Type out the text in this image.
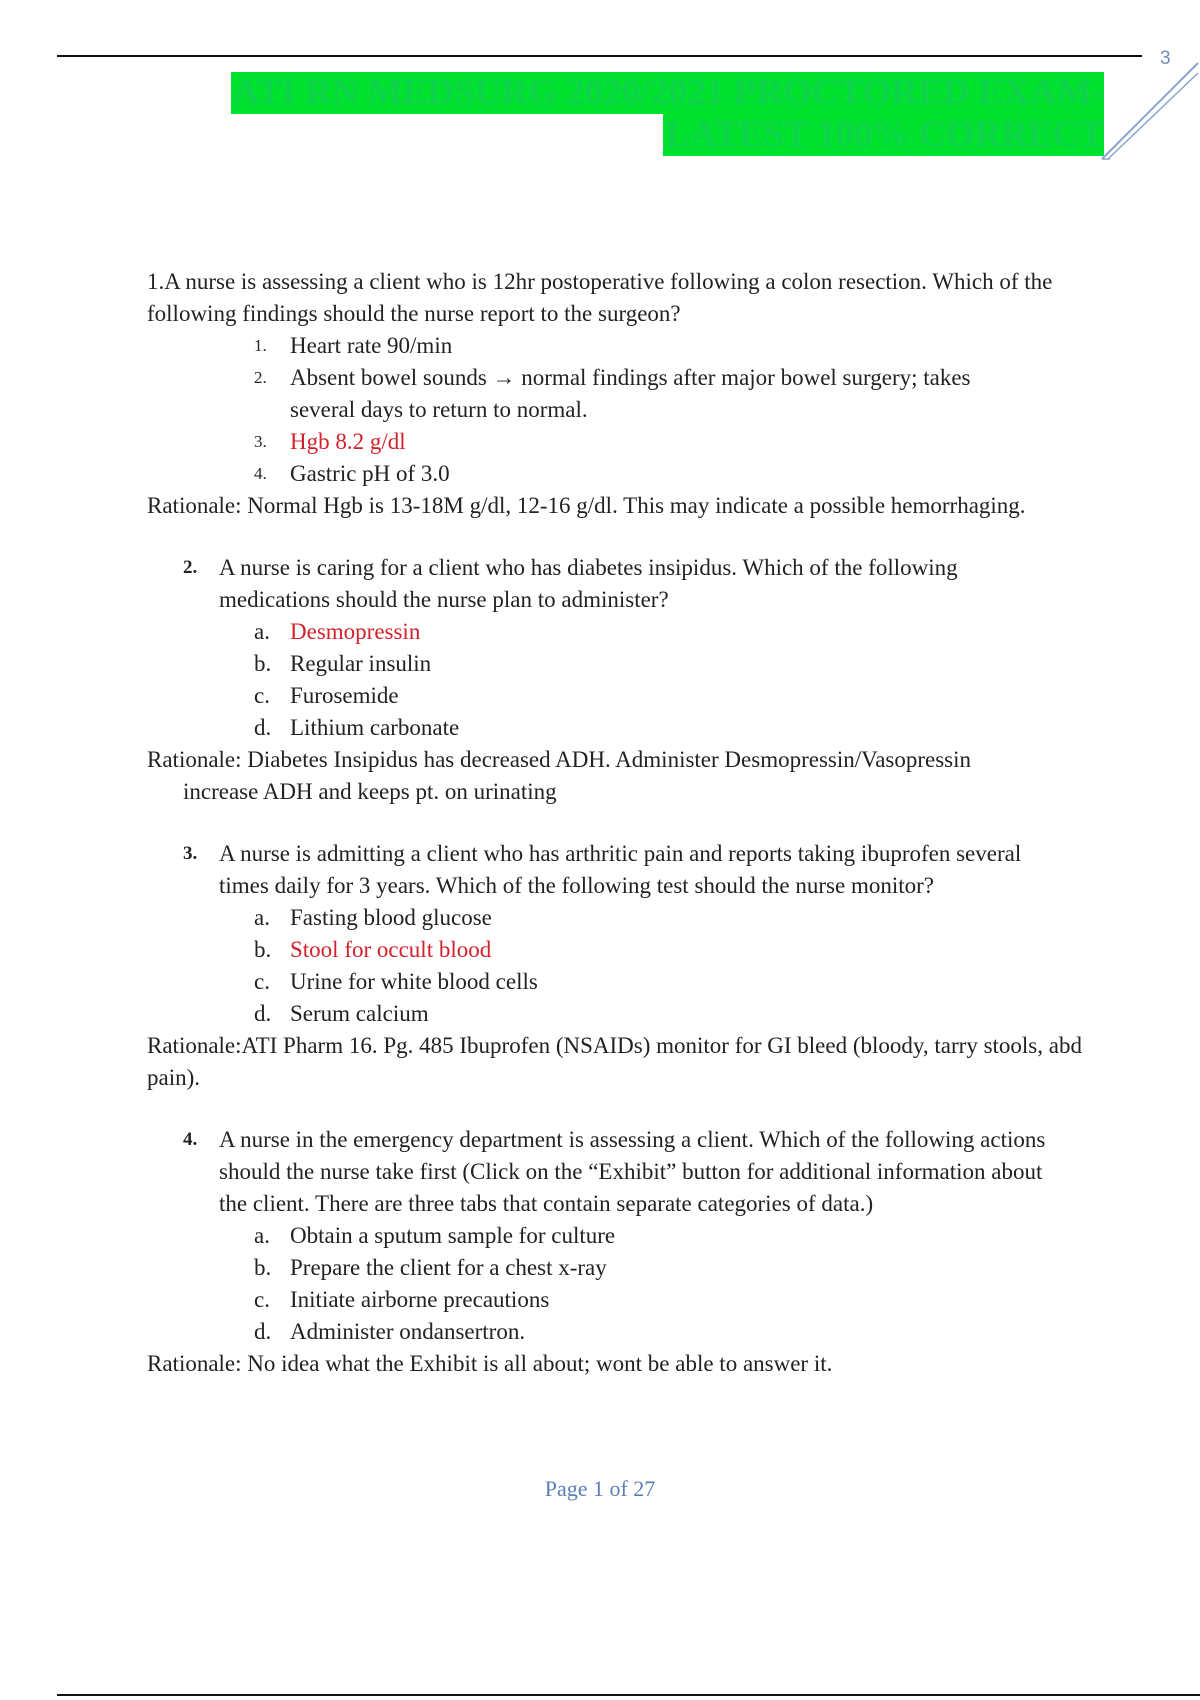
3
ATI RN MEDSURG 2020/2021 PROCTORED EXAM-
LATEST 100% CORRECT
1.A nurse is assessing a client who is 12hr postoperative following a colon resection. Which of the following findings should the nurse report to the surgeon?
1.	Heart rate 90/min
2.	Absent bowel sounds → normal findings after major bowel surgery; takes several days to return to normal.
3.	Hgb 8.2 g/dl
4.	Gastric pH of 3.0
Rationale: Normal Hgb is 13-18M g/dl, 12-16 g/dl. This may indicate a possible hemorrhaging.
2. A nurse is caring for a client who has diabetes insipidus. Which of the following medications should the nurse plan to administer?
a. Desmopressin
b. Regular insulin
c. Furosemide
d. Lithium carbonate
Rationale: Diabetes Insipidus has decreased ADH. Administer Desmopressin/Vasopressin
increase ADH and keeps pt. on urinating
3. A nurse is admitting a client who has arthritic pain and reports taking ibuprofen several times daily for 3 years. Which of the following test should the nurse monitor?
a. Fasting blood glucose
b. Stool for occult blood
c. Urine for white blood cells
d. Serum calcium
Rationale:ATI Pharm 16. Pg. 485 Ibuprofen (NSAIDs) monitor for GI bleed (bloody, tarry stools, abd pain).
4. A nurse in the emergency department is assessing a client. Which of the following actions should the nurse take first (Click on the “Exhibit” button for additional information about the client. There are three tabs that contain separate categories of data.)
a. Obtain a sputum sample for culture
b. Prepare the client for a chest x-ray
c. Initiate airborne precautions
d. Administer ondansertron.
Rationale: No idea what the Exhibit is all about; wont be able to answer it.
Page 1 of 27
